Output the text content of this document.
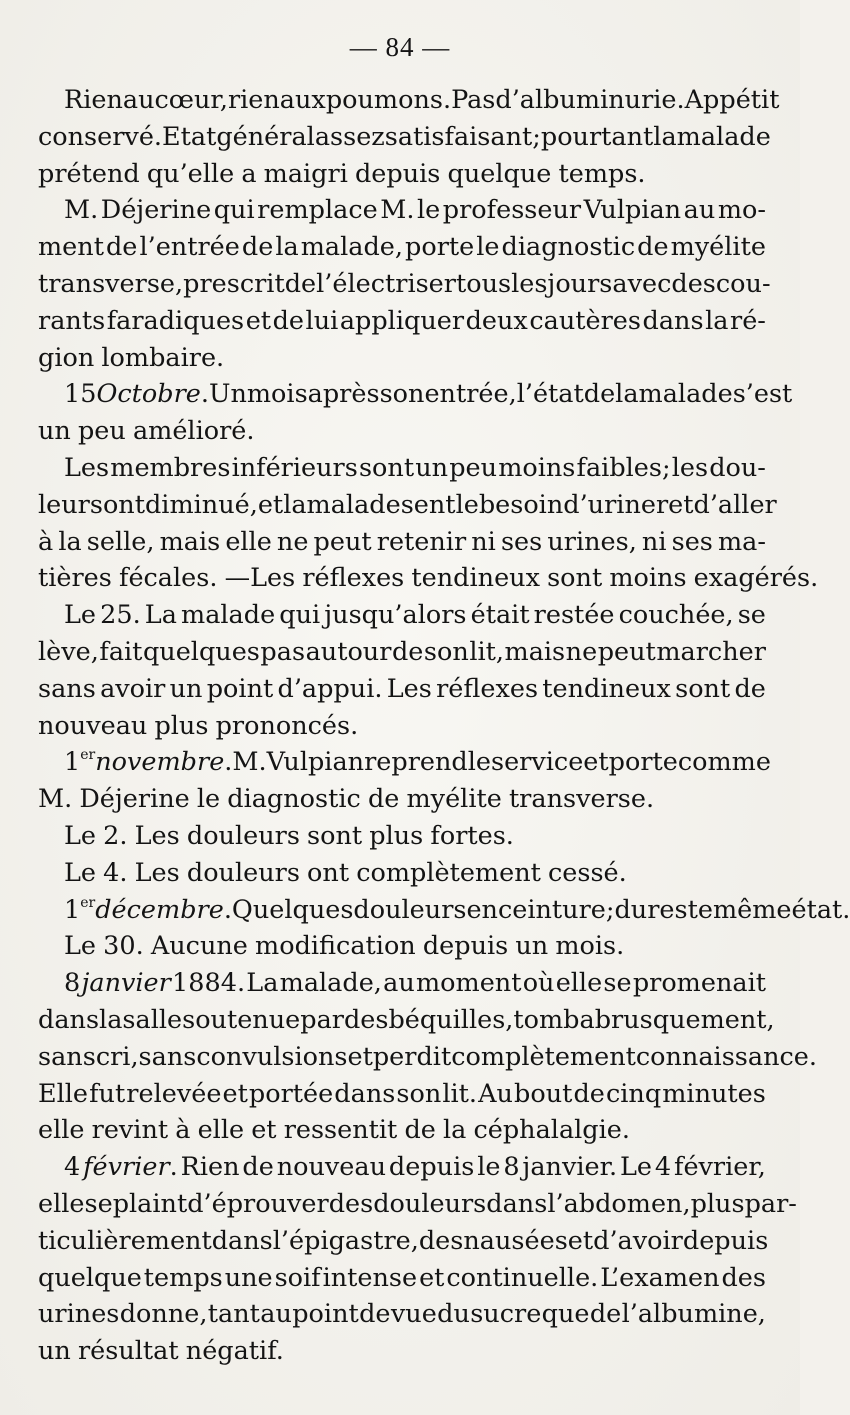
— 84 —
Rien au cœur, rien aux poumons. Pas d’albuminurie. Appétit
conservé. Etat général assez satisfaisant; pourtant la malade
prétend qu’elle a maigri depuis quelque temps.
M. Déjerine qui remplace M. le professeur Vulpian au mo-
ment de l’entrée de la malade, porte le diagnostic de myélite
transverse, prescrit de l’électriser tous les jours avec des cou-
rants faradiques et de lui appliquer deux cautères dans la ré-
gion lombaire.
15 Octobre. Un mois après son entrée, l’état de la malade s’est
un peu amélioré.
Les membres inférieurs sont un peu moins faibles; les dou-
leurs ont diminué, et la malade sent le besoin d’uriner et d’aller
à la selle, mais elle ne peut retenir ni ses urines, ni ses ma-
tières fécales. —Les réflexes tendineux sont moins exagérés.
Le 25. La malade qui jusqu’alors était restée couchée, se
lève, fait quelques pas autour de son lit, mais ne peut marcher
sans avoir un point d’appui. Les réflexes tendineux sont de
nouveau plus prononcés.
1er novembre. M. Vulpian reprend le service et porte comme
M. Déjerine le diagnostic de myélite transverse.
Le 2. Les douleurs sont plus fortes.
Le 4. Les douleurs ont complètement cessé.
1er décembre. Quelques douleurs en ceinture; du reste même état.
Le 30. Aucune modification depuis un mois.
8 janvier 1884. La malade, au moment où elle se promenait
dans la salle soutenue par des béquilles, tomba brusquement,
sans cri, sans convulsions et perdit complètement connaissance.
Elle fut relevée et portée dans son lit. Au bout de cinq minutes
elle revint à elle et ressentit de la céphalalgie.
4 février. Rien de nouveau depuis le 8 janvier. Le 4 février,
elle se plaint d’éprouver des douleurs dans l’abdomen, plus par-
ticulièrement dans l’épigastre, des nausées et d’avoir depuis
quelque temps une soif intense et continuelle. L’examen des
urines donne, tant au point de vue du sucre que de l’albumine,
un résultat négatif.
